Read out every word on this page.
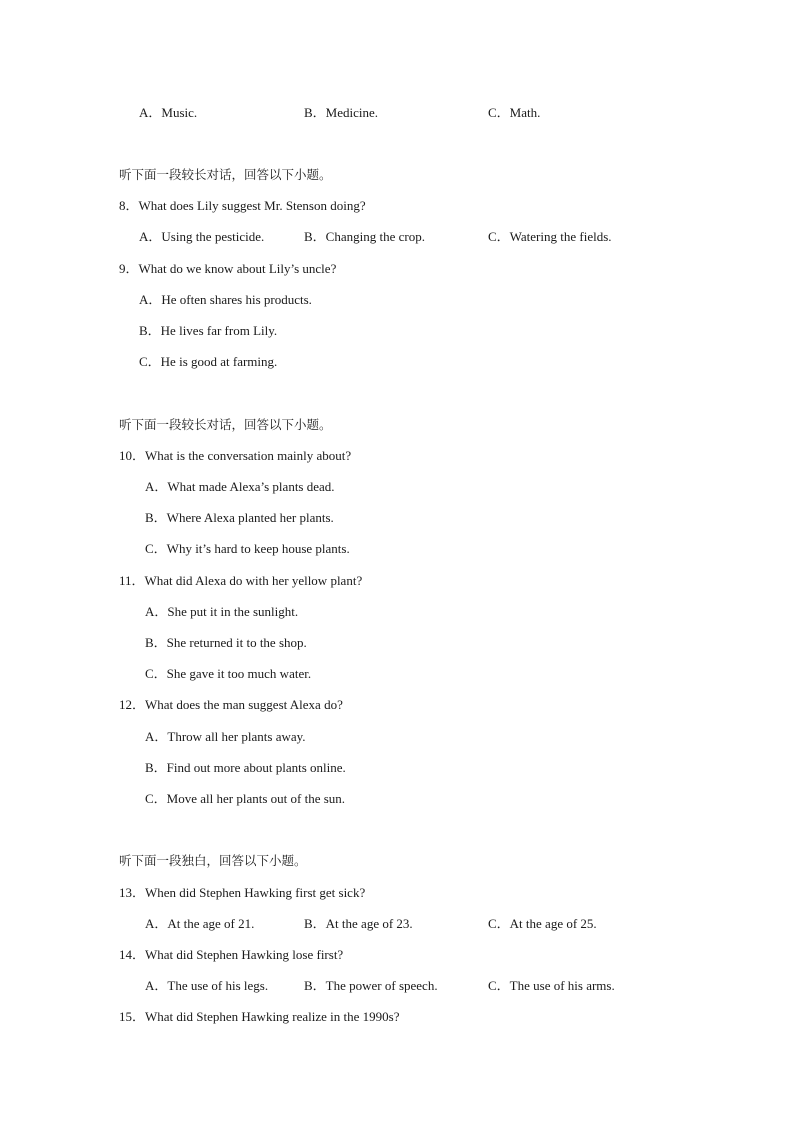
A．Music.	B．Medicine.	C．Math.
听下面一段较长对话，回答以下小题。
8．What does Lily suggest Mr. Stenson doing?
A．Using the pesticide.	B．Changing the crop.	C．Watering the fields.
9．What do we know about Lily’s uncle?
A．He often shares his products.
B．He lives far from Lily.
C．He is good at farming.
听下面一段较长对话，回答以下小题。
10．What is the conversation mainly about?
A．What made Alexa’s plants dead.
B．Where Alexa planted her plants.
C．Why it’s hard to keep house plants.
11．What did Alexa do with her yellow plant?
A．She put it in the sunlight.
B．She returned it to the shop.
C．She gave it too much water.
12．What does the man suggest Alexa do?
A．Throw all her plants away.
B．Find out more about plants online.
C．Move all her plants out of the sun.
听下面一段独白，回答以下小题。
13．When did Stephen Hawking first get sick?
A．At the age of 21.	B．At the age of 23.	C．At the age of 25.
14．What did Stephen Hawking lose first?
A．The use of his legs.	B．The power of speech.	C．The use of his arms.
15．What did Stephen Hawking realize in the 1990s?
